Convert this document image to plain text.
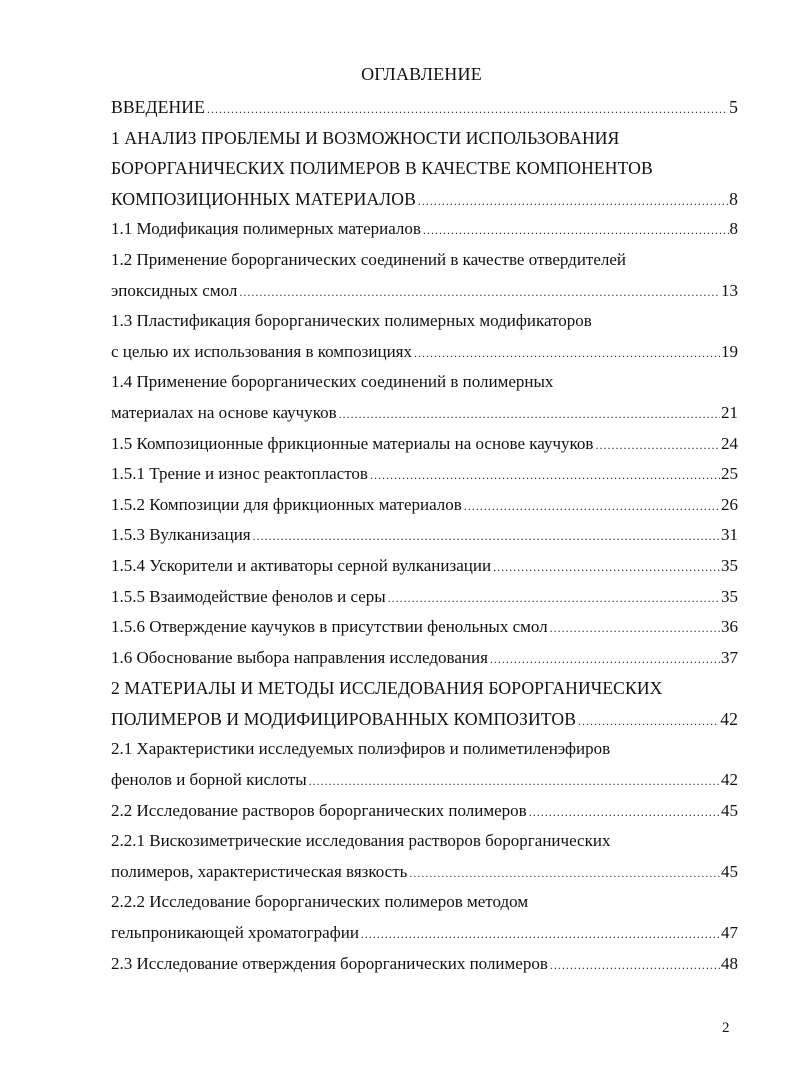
ОГЛАВЛЕНИЕ
ВВЕДЕНИЕ .....	5
1 АНАЛИЗ ПРОБЛЕМЫ И ВОЗМОЖНОСТИ ИСПОЛЬЗОВАНИЯ
БОРОРГАНИЧЕСКИХ ПОЛИМЕРОВ В КАЧЕСТВЕ КОМПОНЕНТОВ
КОМПОЗИЦИОННЫХ МАТЕРИАЛОВ .....	8
1.1 Модификация полимерных материалов .....	8
1.2 Применение борорганических соединений в качестве отвердителей
эпоксидных смол .....	13
1.3 Пластификация борорганических полимерных модификаторов
с целью их использования в композициях .....	19
1.4 Применение борорганических соединений в полимерных
материалах на основе каучуков .....	21
1.5 Композиционные фрикционные материалы на основе каучуков .....	24
1.5.1 Трение и износ реактопластов .....	25
1.5.2 Композиции для фрикционных материалов .....	26
1.5.3 Вулканизация .....	31
1.5.4 Ускорители и активаторы серной вулканизации .....	35
1.5.5 Взаимодействие фенолов и серы .....	35
1.5.6 Отверждение каучуков в присутствии фенольных смол .....	36
1.6 Обоснование выбора направления исследования .....	37
2 МАТЕРИАЛЫ И МЕТОДЫ ИССЛЕДОВАНИЯ БОРОРГАНИЧЕСКИХ
ПОЛИМЕРОВ И МОДИФИЦИРОВАННЫХ КОМПОЗИТОВ .....	42
2.1 Характеристики исследуемых полиэфиров и полиметиленэфиров
фенолов и борной кислоты .....	42
2.2 Исследование растворов борорганических полимеров .....	45
2.2.1 Вискозиметрические исследования растворов борорганических
полимеров, характеристическая вязкость .....	45
2.2.2 Исследование борорганических полимеров методом
гельпроникающей хроматографии .....	47
2.3 Исследование отверждения борорганических полимеров .....	48
2
